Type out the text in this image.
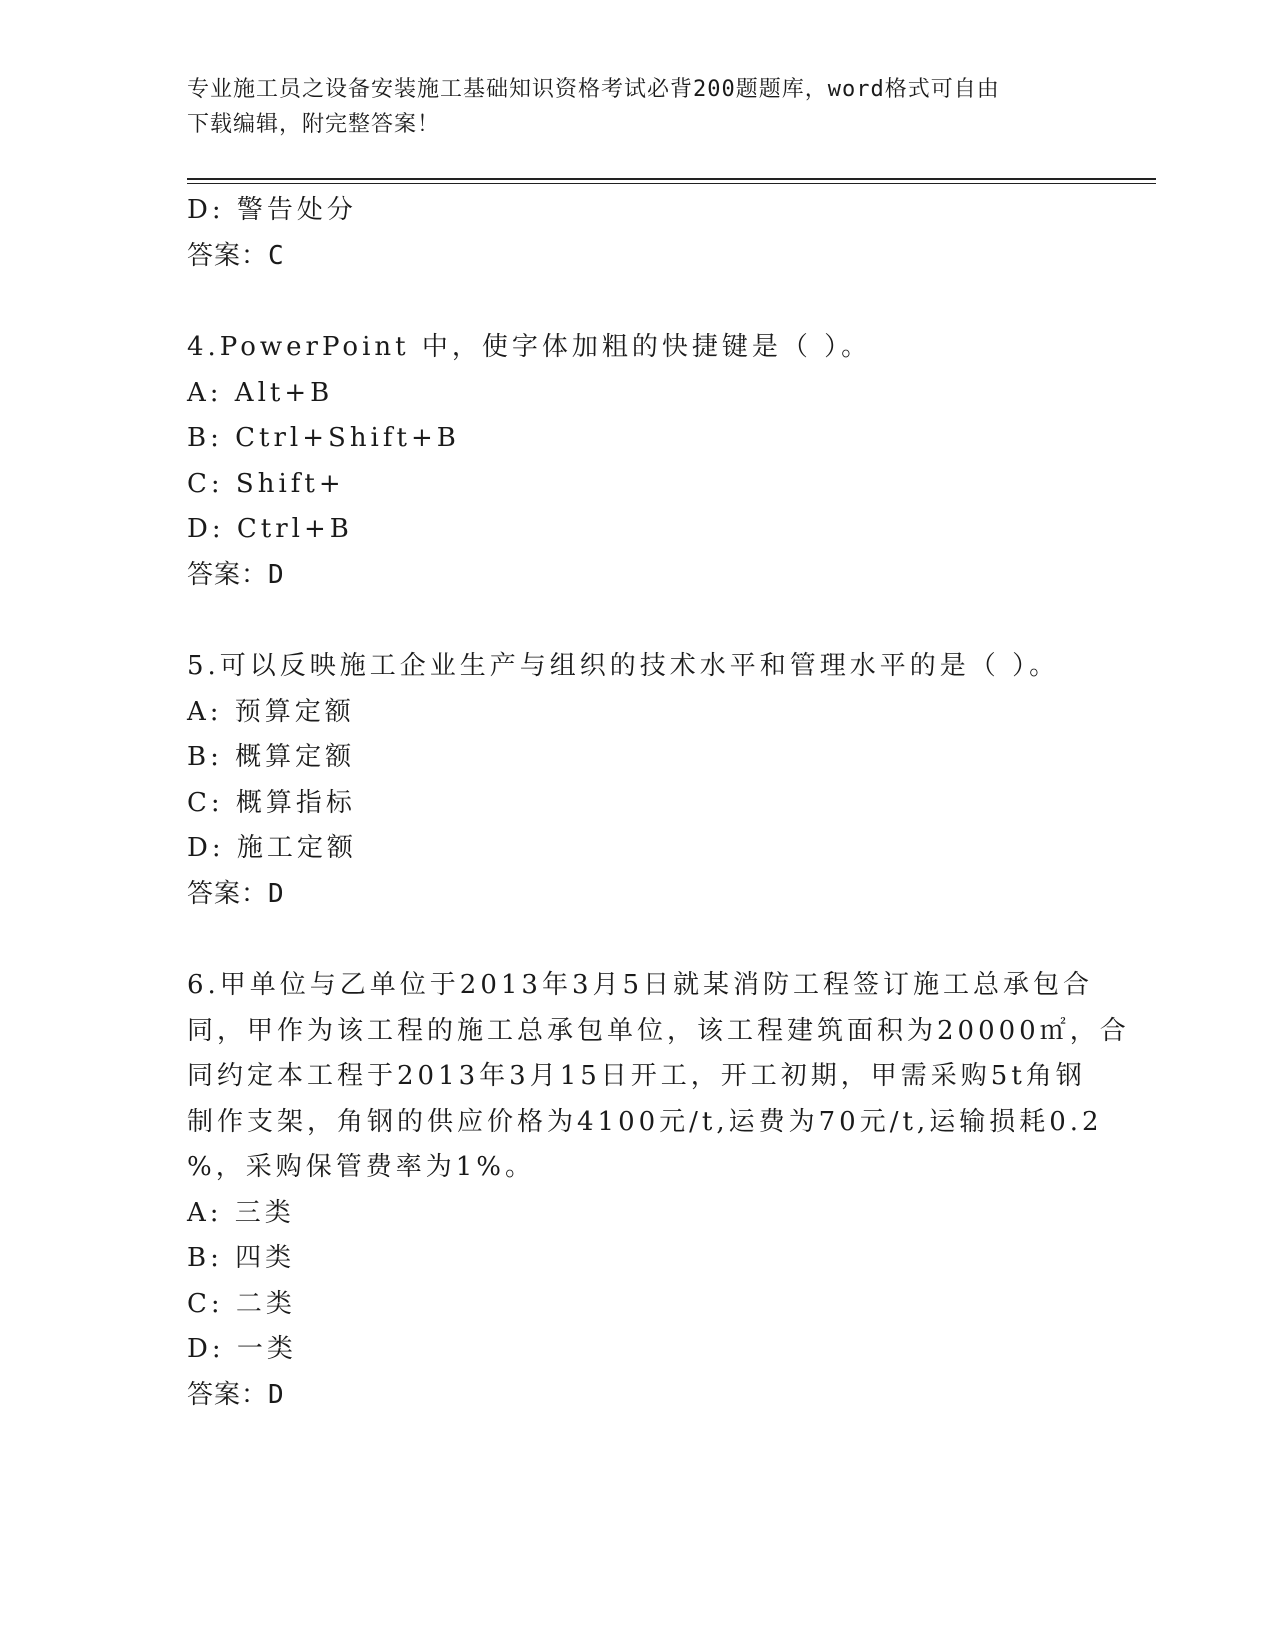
专业施工员之设备安装施工基础知识资格考试必背200题题库，word格式可自由
下载编辑，附完整答案！
D: 警告处分
答案：C
4.PowerPoint 中，使字体加粗的快捷键是（ ）。
A: Alt+B
B: Ctrl+Shift+B
C: Shift+
D: Ctrl+B
答案：D
5.可以反映施工企业生产与组织的技术水平和管理水平的是（ ）。
A: 预算定额
B: 概算定额
C: 概算指标
D: 施工定额
答案：D
6.甲单位与乙单位于2013年3月5日就某消防工程签订施工总承包合
同，甲作为该工程的施工总承包单位，该工程建筑面积为20000㎡，合
同约定本工程于2013年3月15日开工，开工初期，甲需采购5t角钢
制作支架，角钢的供应价格为4100元/t,运费为70元/t,运输损耗0.2
%，采购保管费率为1%。
A: 三类
B: 四类
C: 二类
D: 一类
答案：D
